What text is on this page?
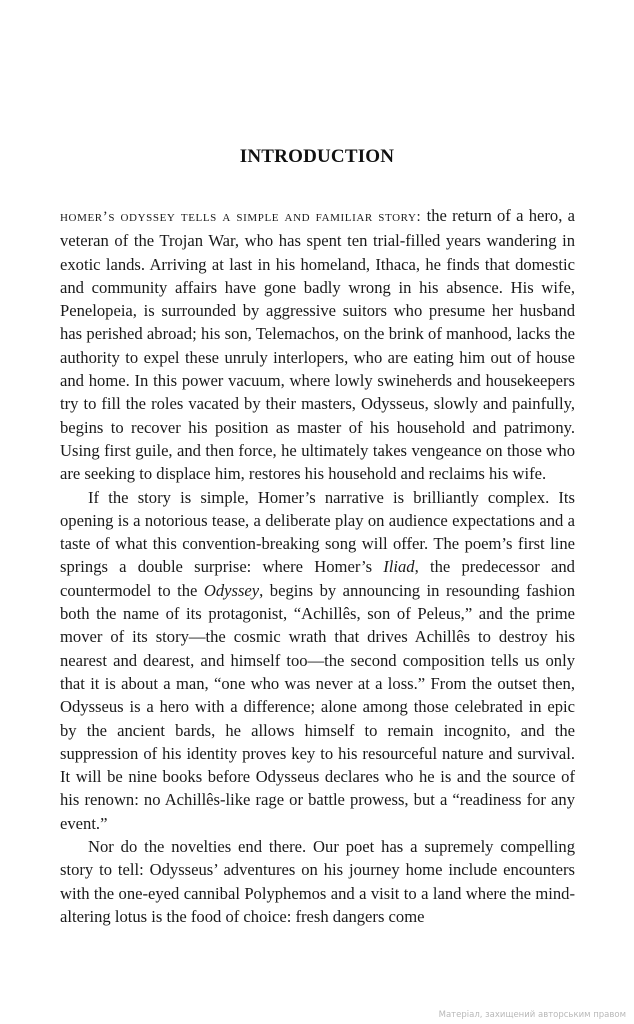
INTRODUCTION

homer’s odyssey tells a simple and familiar story: the return of a hero, a veteran of the Trojan War, who has spent ten trial-filled years wandering in exotic lands. Arriving at last in his homeland, Ithaca, he finds that domestic and community affairs have gone badly wrong in his absence. His wife, Penelopeia, is surrounded by aggressive suitors who presume her husband has perished abroad; his son, Telemachos, on the brink of manhood, lacks the authority to expel these unruly interlopers, who are eating him out of house and home. In this power vacuum, where lowly swineherds and housekeepers try to fill the roles vacated by their masters, Odysseus, slowly and painfully, begins to recover his position as master of his household and patrimony. Using first guile, and then force, he ultimately takes vengeance on those who are seeking to displace him, restores his household and reclaims his wife.

If the story is simple, Homer’s narrative is brilliantly complex. Its opening is a notorious tease, a deliberate play on audience expectations and a taste of what this convention-breaking song will offer. The poem’s first line springs a double surprise: where Homer’s Iliad, the predecessor and countermodel to the Odyssey, begins by announcing in resounding fashion both the name of its protagonist, “Achillês, son of Peleus,” and the prime mover of its story—the cosmic wrath that drives Achillês to destroy his nearest and dearest, and himself too—the second composition tells us only that it is about a man, “one who was never at a loss.” From the outset then, Odysseus is a hero with a difference; alone among those celebrated in epic by the ancient bards, he allows himself to remain incognito, and the suppression of his identity proves key to his resourceful nature and survival. It will be nine books before Odysseus declares who he is and the source of his renown: no Achillês-like rage or battle prowess, but a “readiness for any event.”

Nor do the novelties end there. Our poet has a supremely compelling story to tell: Odysseus’ adventures on his journey home include encounters with the one-eyed cannibal Polyphemos and a visit to a land where the mind-altering lotus is the food of choice: fresh dangers come

Матеріал, захищений авторським правом
